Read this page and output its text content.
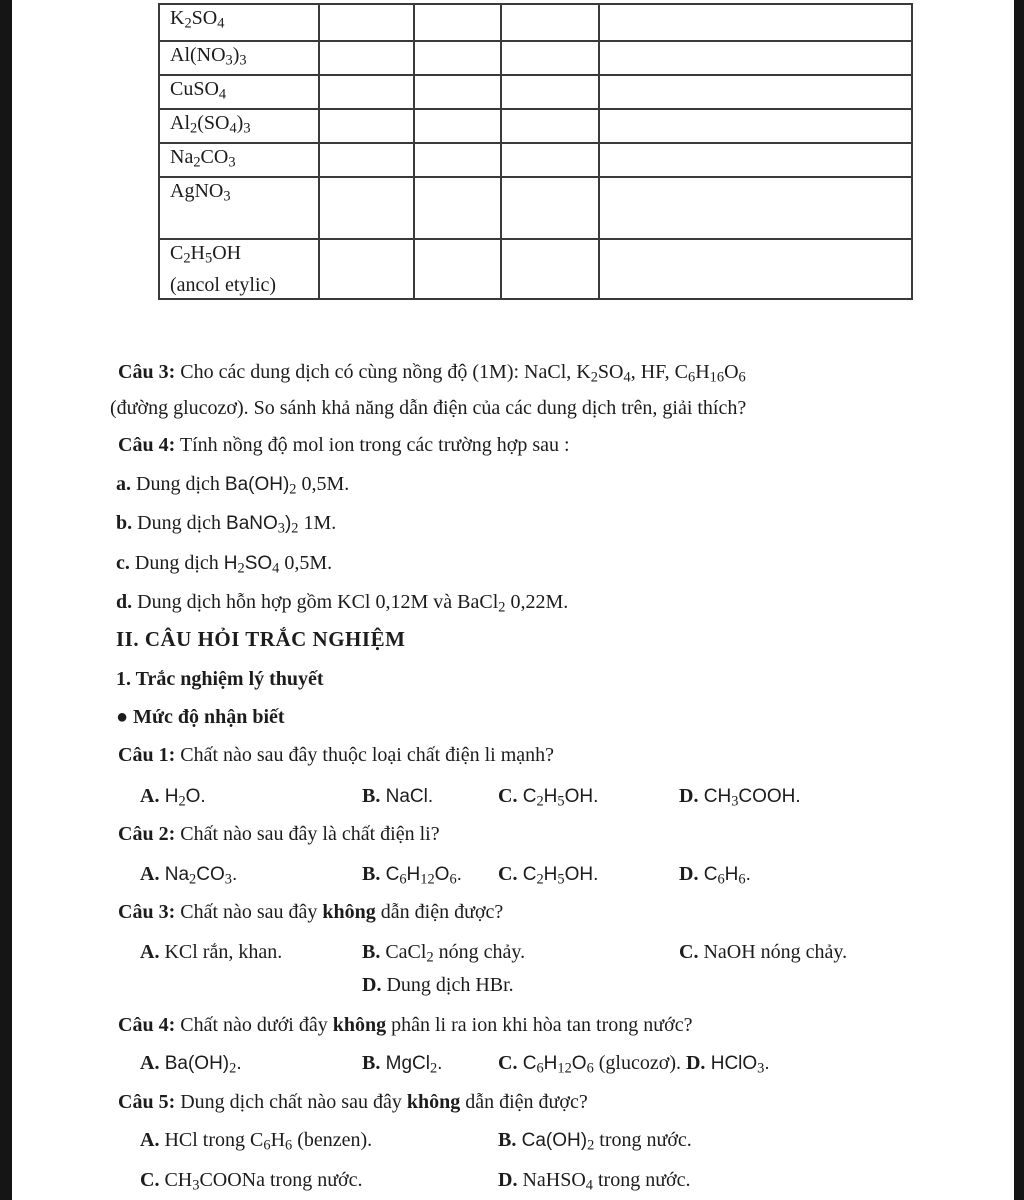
$K_2SO_4$

$Al(NO_3)_3$

CuSO$_4$

$Al_2(SO_4)_3$

$Na_2CO_3$

AgNO$_3$

$C_2H_5OH$
(ancol etylic)				

Câu 3: Cho các dung dịch có cùng nồng độ (1M): NaCl, $K_2SO_4$, HF, $C_6H_{16}O_6$
(đường glucozơ). So sánh khả năng dẫn điện của các dung dịch trên, giải thích?
Câu 4: Tính nồng độ mol ion trong các trường hợp sau :
a. Dung dịch $Ba(OH)_2$ 0,5M.
b. Dung dịch $BaNO_3)_2$ 1M.
c. Dung dịch $H_2SO_4$ 0,5M.
d. Dung dịch hỗn hợp gồm KCl 0,12M và BaCl$_2$ 0,22M.
II. CÂU HỎI TRẮC NGHIỆM
1. Trắc nghiệm lý thuyết
● Mức độ nhận biết
Câu 1: Chất nào sau đây thuộc loại chất điện li mạnh?
A. $H_2O$.	B. NaCl.	C. $C_2H_5OH$.	D. $CH_3COOH$.
Câu 2: Chất nào sau đây là chất điện li?
A. $Na_2CO_3$.	B. $C_6H_{12}O_6$. C. $C_2H_5OH$.	D. $C_6H_6$.
Câu 3: Chất nào sau đây không dẫn điện được?
A. KCl rắn, khan.	B. CaCl$_2$ nóng chảy.	C. NaOH nóng chảy.
D. Dung dịch HBr.
Câu 4: Chất nào dưới đây không phân li ra ion khi hòa tan trong nước?
A. $Ba(OH)_2$.	B. MgCl$_2$.	C. $C_6H_{12}O_6$ (glucozơ). D. HClO$_3$.
Câu 5: Dung dịch chất nào sau đây không dẫn điện được?
A. HCl trong $C_6H_6$ (benzen).	B. $Ca(OH)_2$ trong nước.
C. $CH_3COONa$ trong nước.	D. NaHSO$_4$ trong nước.
